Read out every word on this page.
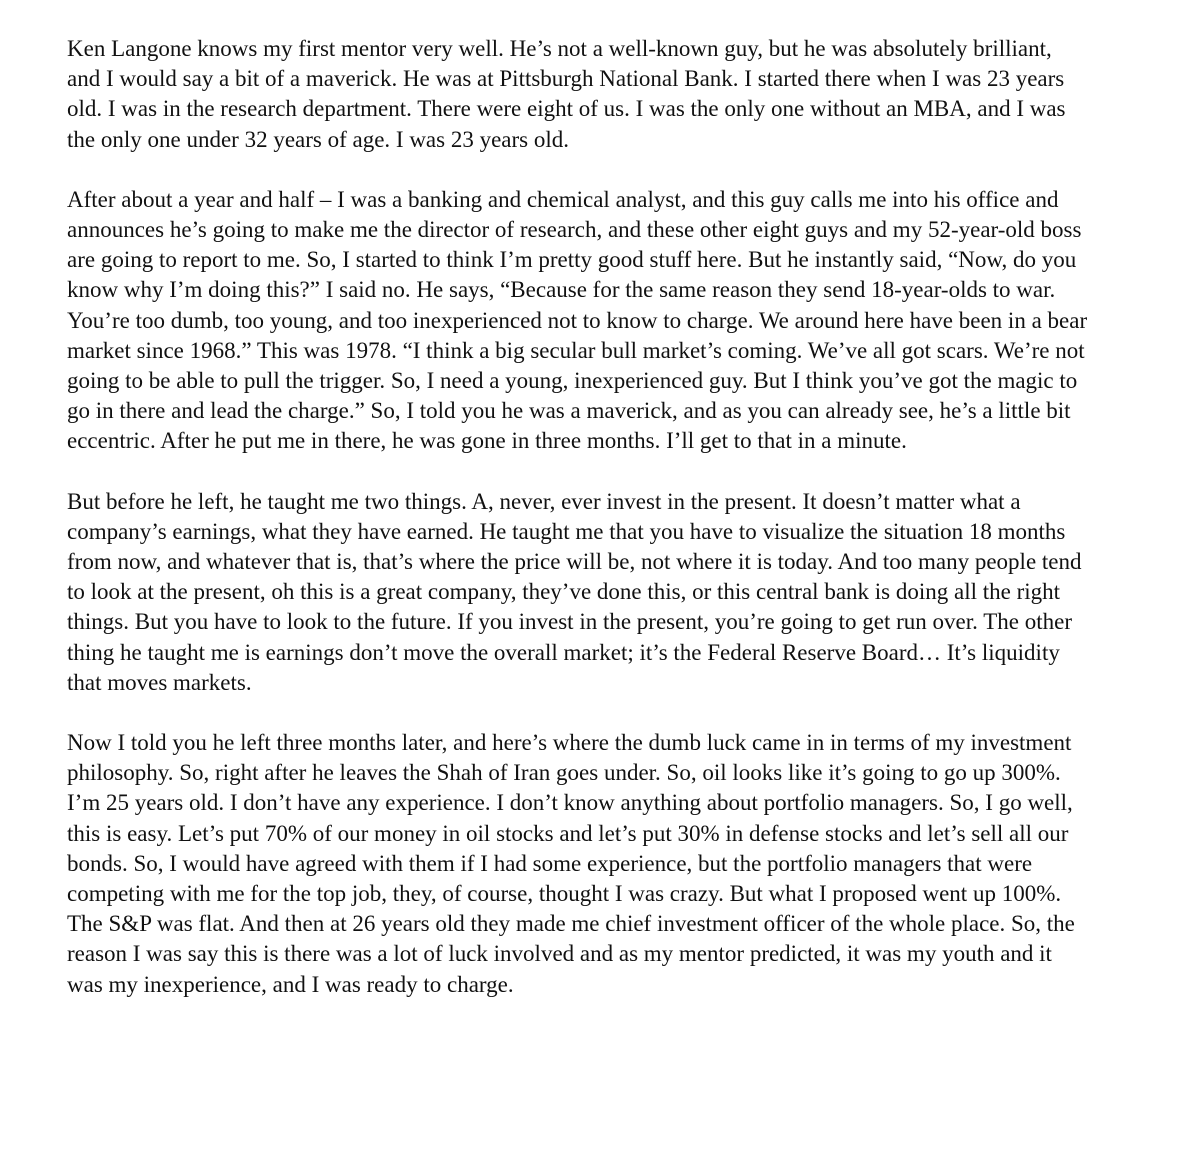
Ken Langone knows my first mentor very well. He’s not a well-known guy, but he was absolutely brilliant, and I would say a bit of a maverick. He was at Pittsburgh National Bank. I started there when I was 23 years old. I was in the research department. There were eight of us. I was the only one without an MBA, and I was the only one under 32 years of age. I was 23 years old.

After about a year and half – I was a banking and chemical analyst, and this guy calls me into his office and announces he’s going to make me the director of research, and these other eight guys and my 52-year-old boss are going to report to me. So, I started to think I’m pretty good stuff here. But he instantly said, “Now, do you know why I’m doing this?” I said no. He says, “Because for the same reason they send 18-year-olds to war. You’re too dumb, too young, and too inexperienced not to know to charge. We around here have been in a bear market since 1968.” This was 1978. “I think a big secular bull market’s coming. We’ve all got scars. We’re not going to be able to pull the trigger. So, I need a young, inexperienced guy. But I think you’ve got the magic to go in there and lead the charge.” So, I told you he was a maverick, and as you can already see, he’s a little bit eccentric. After he put me in there, he was gone in three months. I’ll get to that in a minute.

But before he left, he taught me two things. A, never, ever invest in the present. It doesn’t matter what a company’s earnings, what they have earned. He taught me that you have to visualize the situation 18 months from now, and whatever that is, that’s where the price will be, not where it is today. And too many people tend to look at the present, oh this is a great company, they’ve done this, or this central bank is doing all the right things. But you have to look to the future. If you invest in the present, you’re going to get run over. The other thing he taught me is earnings don’t move the overall market; it’s the Federal Reserve Board… It’s liquidity that moves markets.

Now I told you he left three months later, and here’s where the dumb luck came in in terms of my investment philosophy. So, right after he leaves the Shah of Iran goes under. So, oil looks like it’s going to go up 300%. I’m 25 years old. I don’t have any experience. I don’t know anything about portfolio managers. So, I go well, this is easy. Let’s put 70% of our money in oil stocks and let’s put 30% in defense stocks and let’s sell all our bonds. So, I would have agreed with them if I had some experience, but the portfolio managers that were competing with me for the top job, they, of course, thought I was crazy. But what I proposed went up 100%. The S&P was flat. And then at 26 years old they made me chief investment officer of the whole place. So, the reason I was say this is there was a lot of luck involved and as my mentor predicted, it was my youth and it was my inexperience, and I was ready to charge.
